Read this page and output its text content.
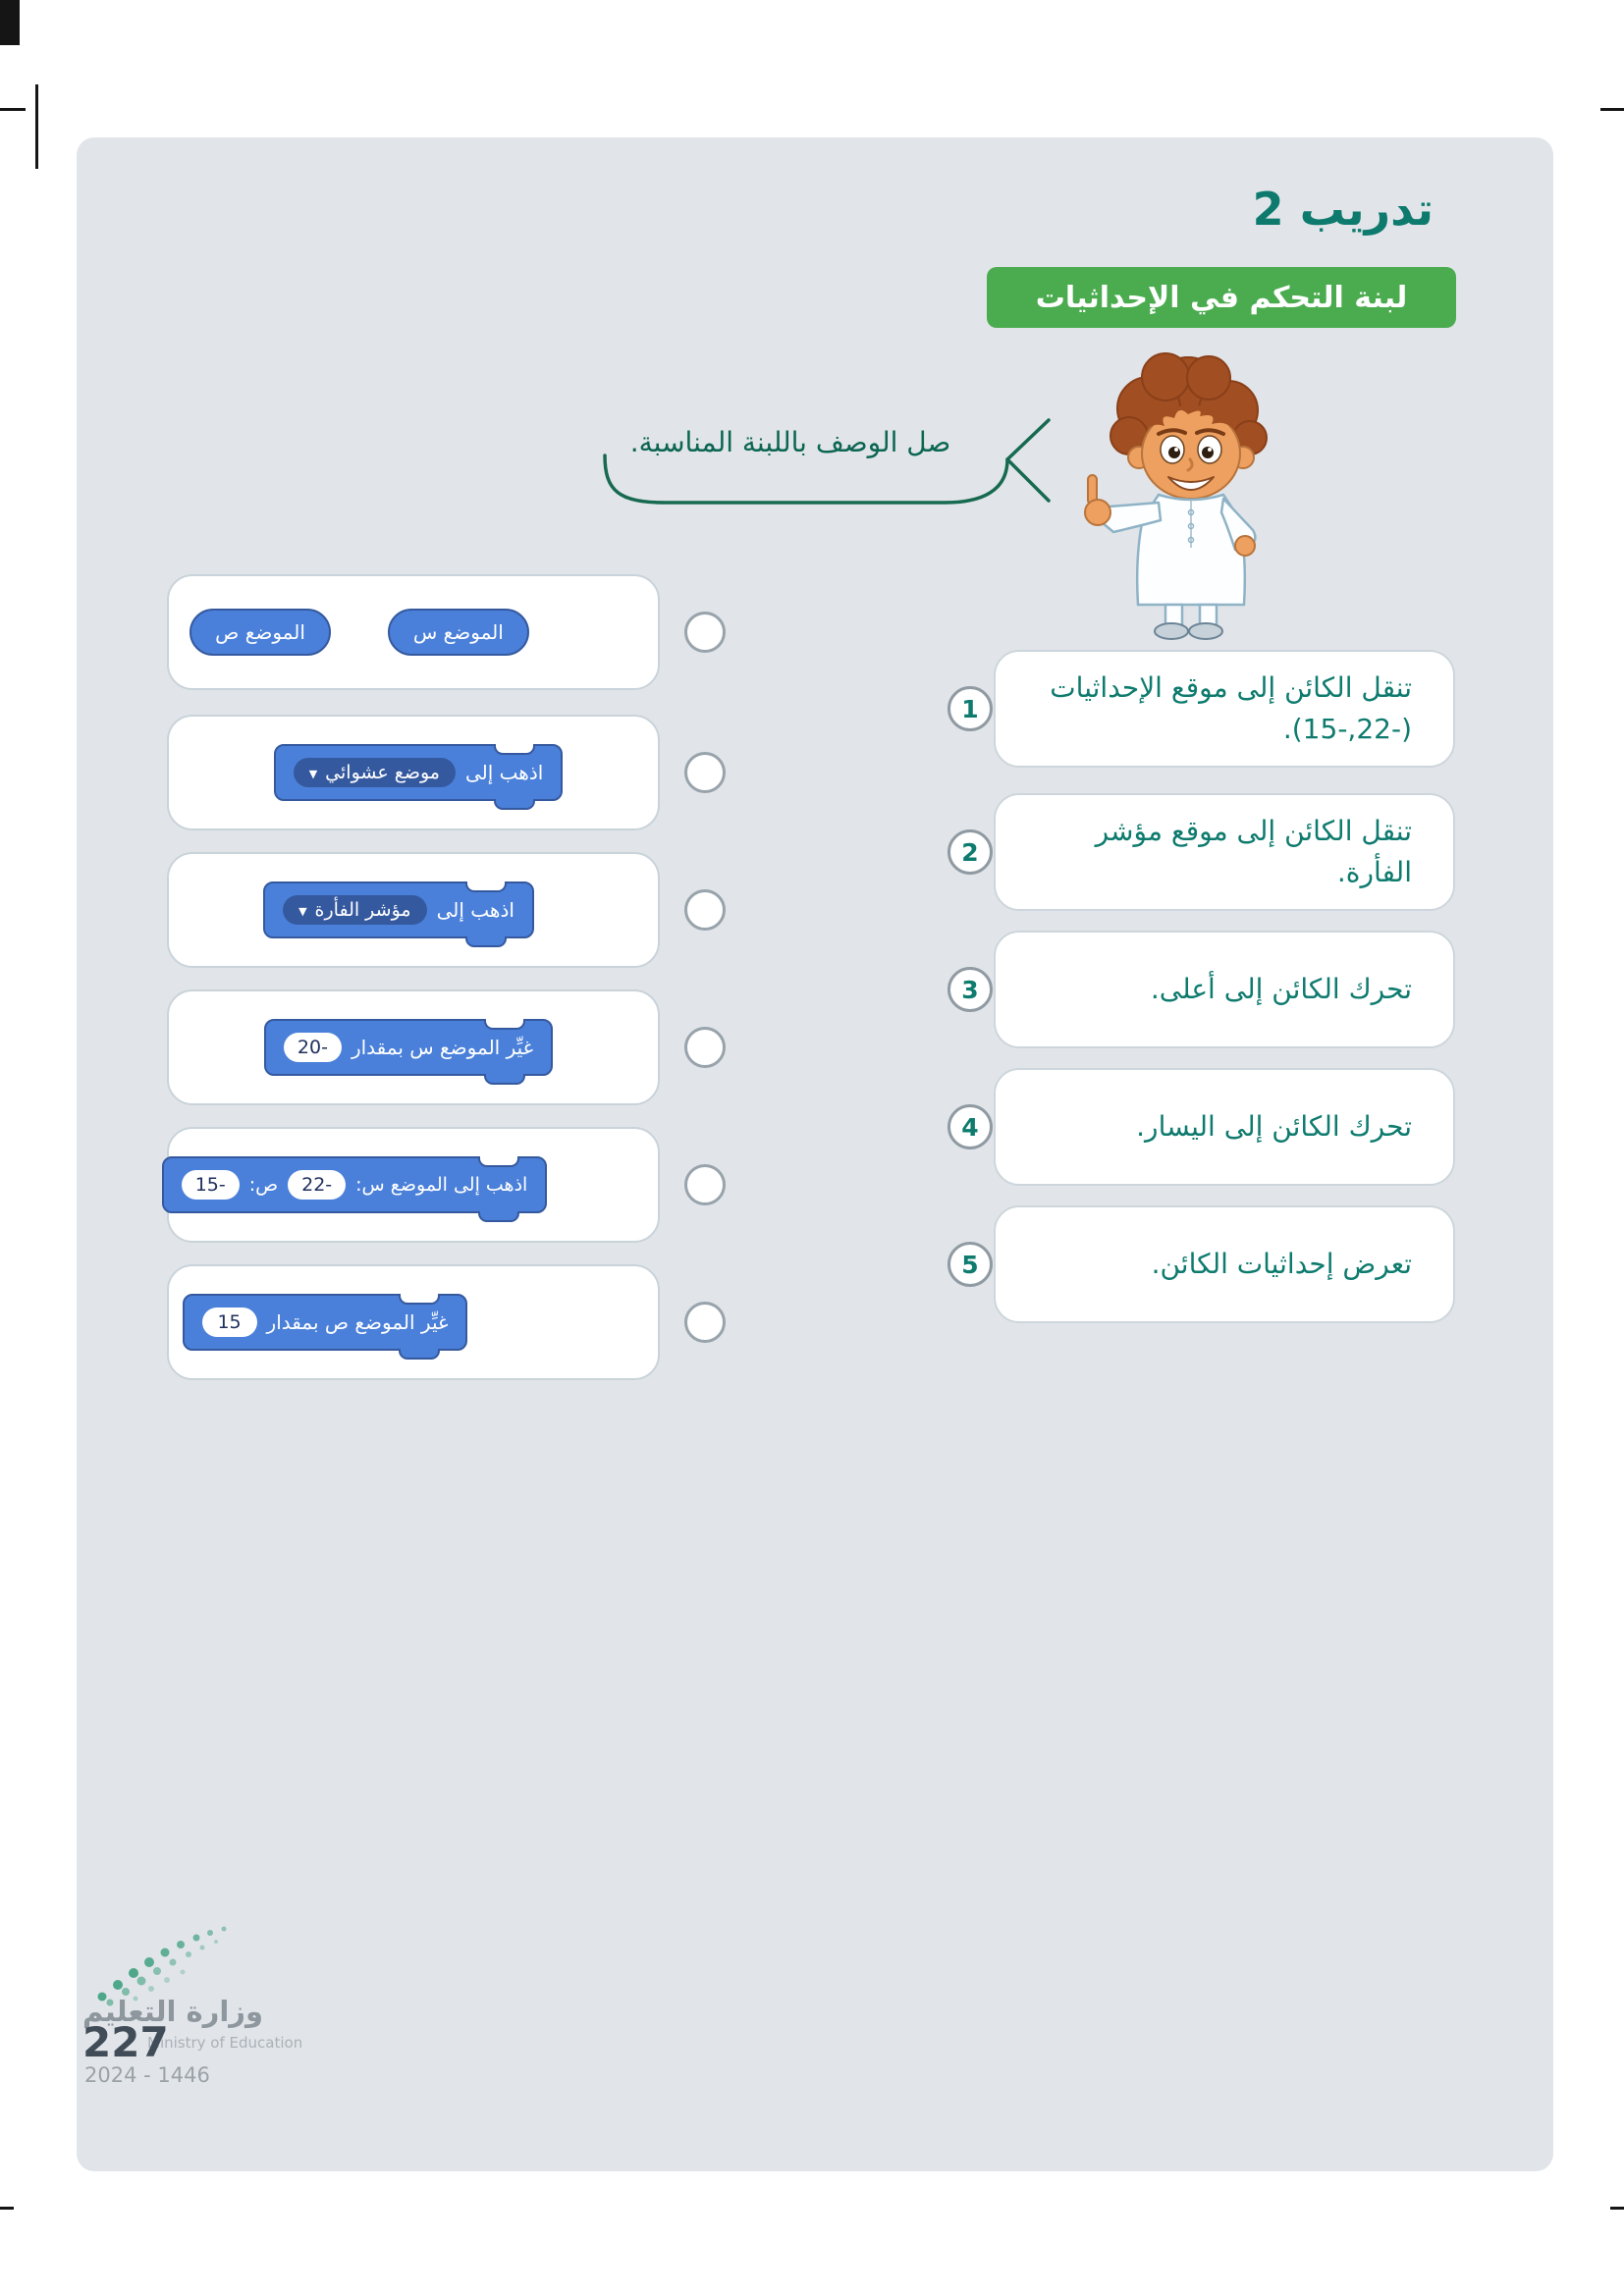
تدريب 2
لبنة التحكم في الإحداثيات
صل الوصف باللبنة المناسبة.
الموضع س
الموضع ص
اذهب إلى
موضع عشوائي
▼
اذهب إلى
مؤشر الفأرة
▼
غيِّر الموضع س بمقدار
-20
اذهب إلى الموضع س:
-22
ص:
-15
غيِّر الموضع ص بمقدار
15
تنقل الكائن إلى موقع الإحداثيات (-22,-15).
1
تنقل الكائن إلى موقع مؤشر الفأرة.
2
تحرك الكائن إلى أعلى.
3
تحرك الكائن إلى اليسار.
4
تعرض إحداثيات الكائن.
5
وزارة التعليم
227
Ministry of Education
2024 - 1446
